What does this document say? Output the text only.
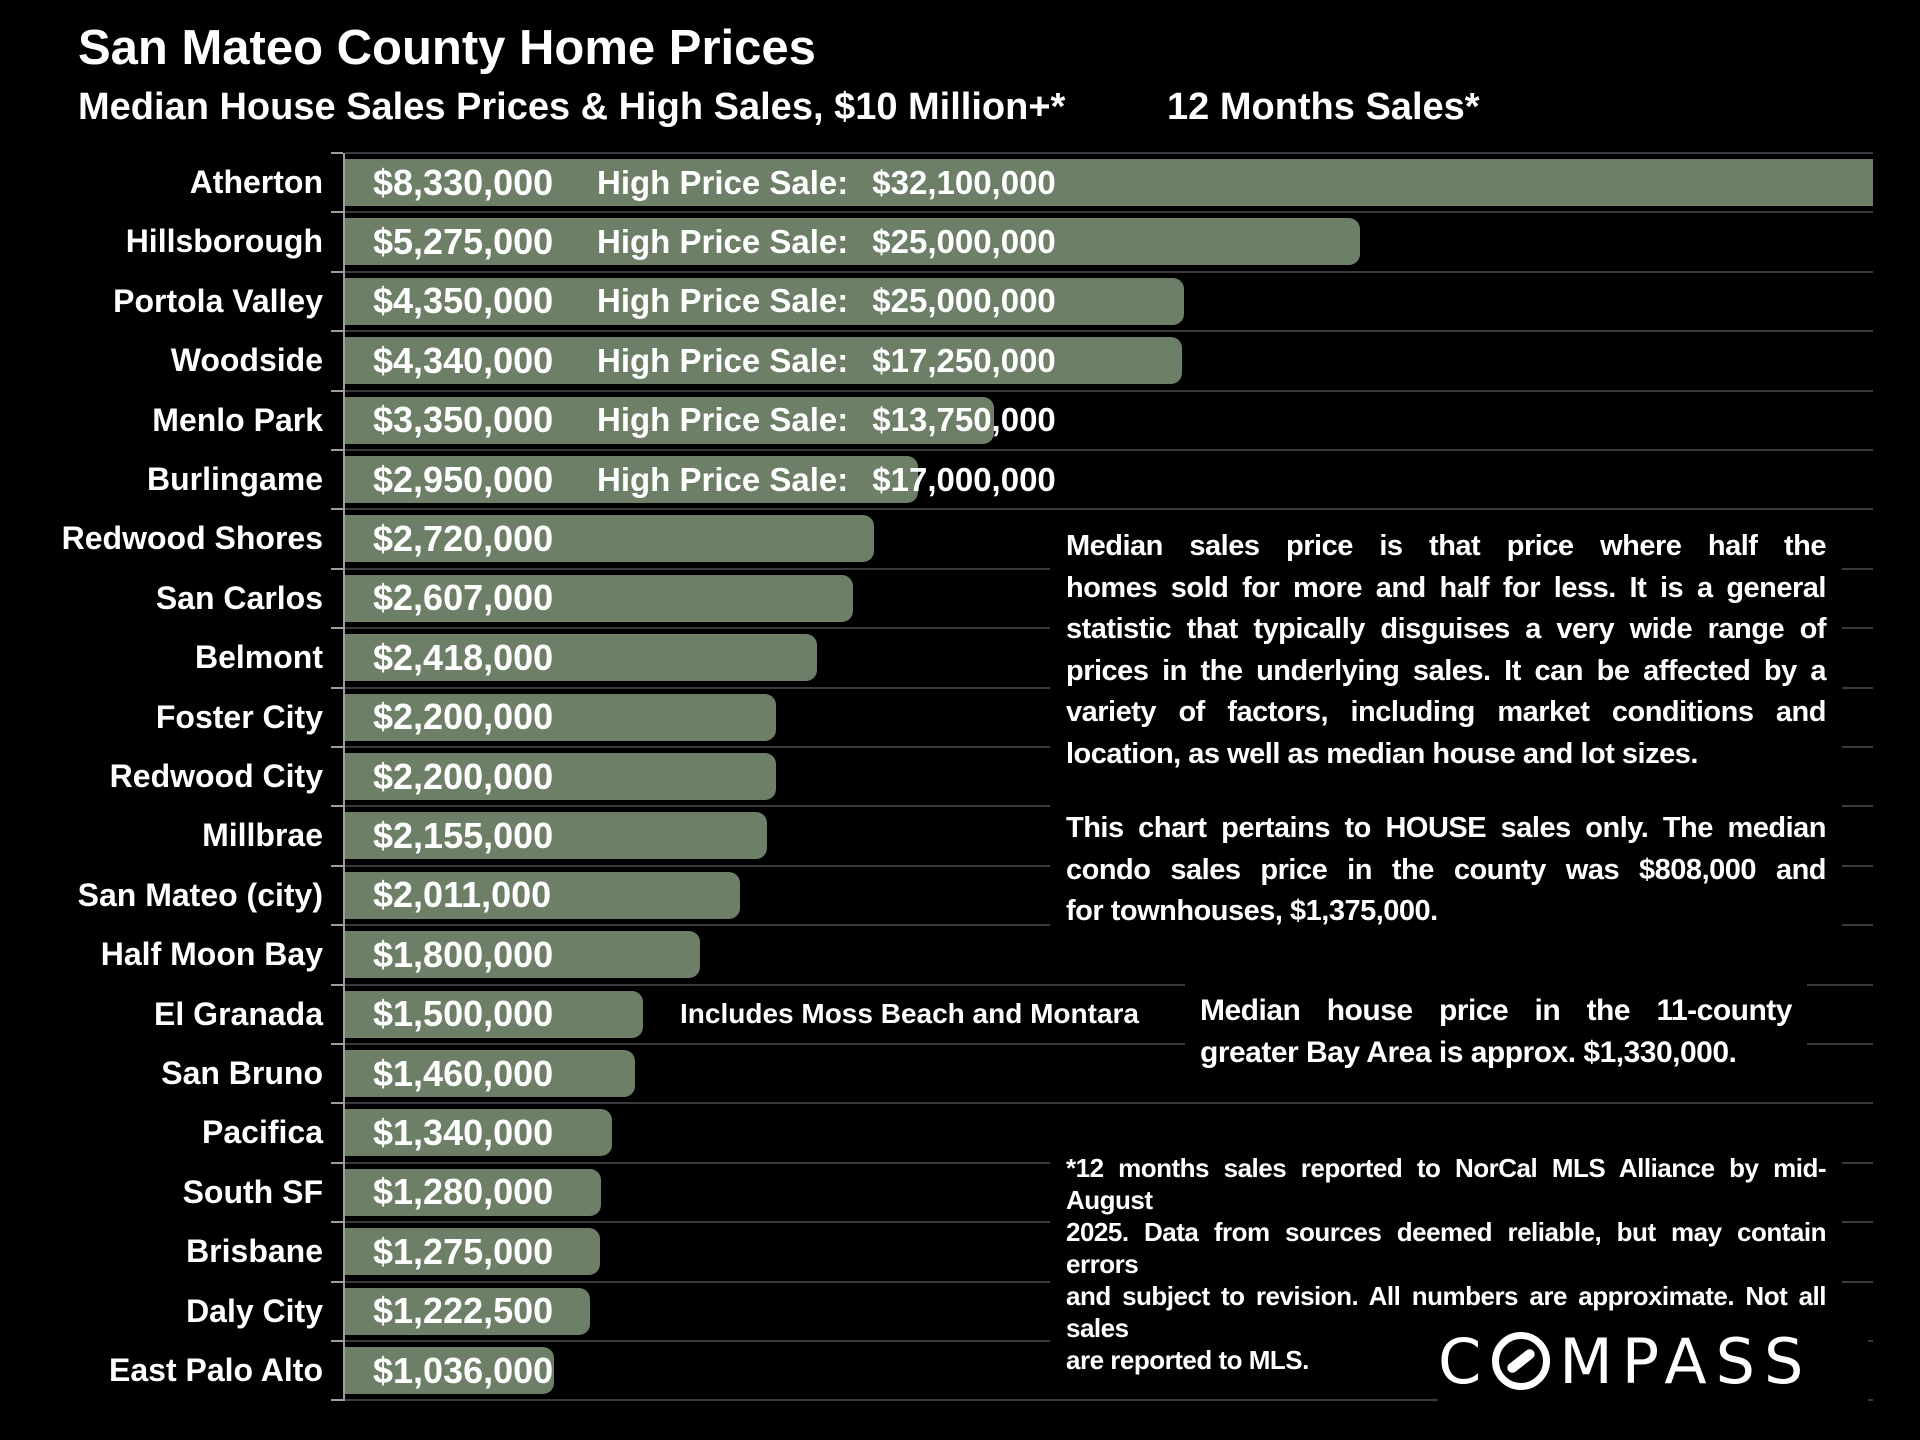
San Mateo County Home Prices
Median House Sales Prices & High Sales, $10 Million+*	12 Months Sales*
Atherton $8,330,000 High Price Sale: $32,100,000
Hillsborough $5,275,000 High Price Sale: $25,000,000
Portola Valley $4,350,000 High Price Sale: $25,000,000
Woodside $4,340,000 High Price Sale: $17,250,000
Menlo Park $3,350,000 High Price Sale: $13,750,000
Burlingame $2,950,000 High Price Sale: $17,000,000
Redwood Shores $2,720,000
San Carlos $2,607,000
Belmont $2,418,000
Foster City $2,200,000
Redwood City $2,200,000
Millbrae $2,155,000
San Mateo (city) $2,011,000
Half Moon Bay $1,800,000
El Granada $1,500,000	Includes Moss Beach and Montara
San Bruno $1,460,000
Pacifica $1,340,000
South SF $1,280,000
Brisbane $1,275,000
Daly City $1,222,500
East Palo Alto $1,036,000
Median sales price is that price where half the
homes sold for more and half for less. It is a general
statistic that typically disguises a very wide range of
prices in the underlying sales. It can be affected by a
variety of factors, including market conditions and
location, as well as median house and lot sizes.
This chart pertains to HOUSE sales only. The median
condo sales price in the county was $808,000 and
for townhouses, $1,375,000.
Median house price in the 11-county
greater Bay Area is approx. $1,330,000.
*12 months sales reported to NorCal MLS Alliance by mid-August
2025. Data from sources deemed reliable, but may contain errors
and subject to revision. All numbers are approximate. Not all sales
are reported to MLS.	C MPASS
